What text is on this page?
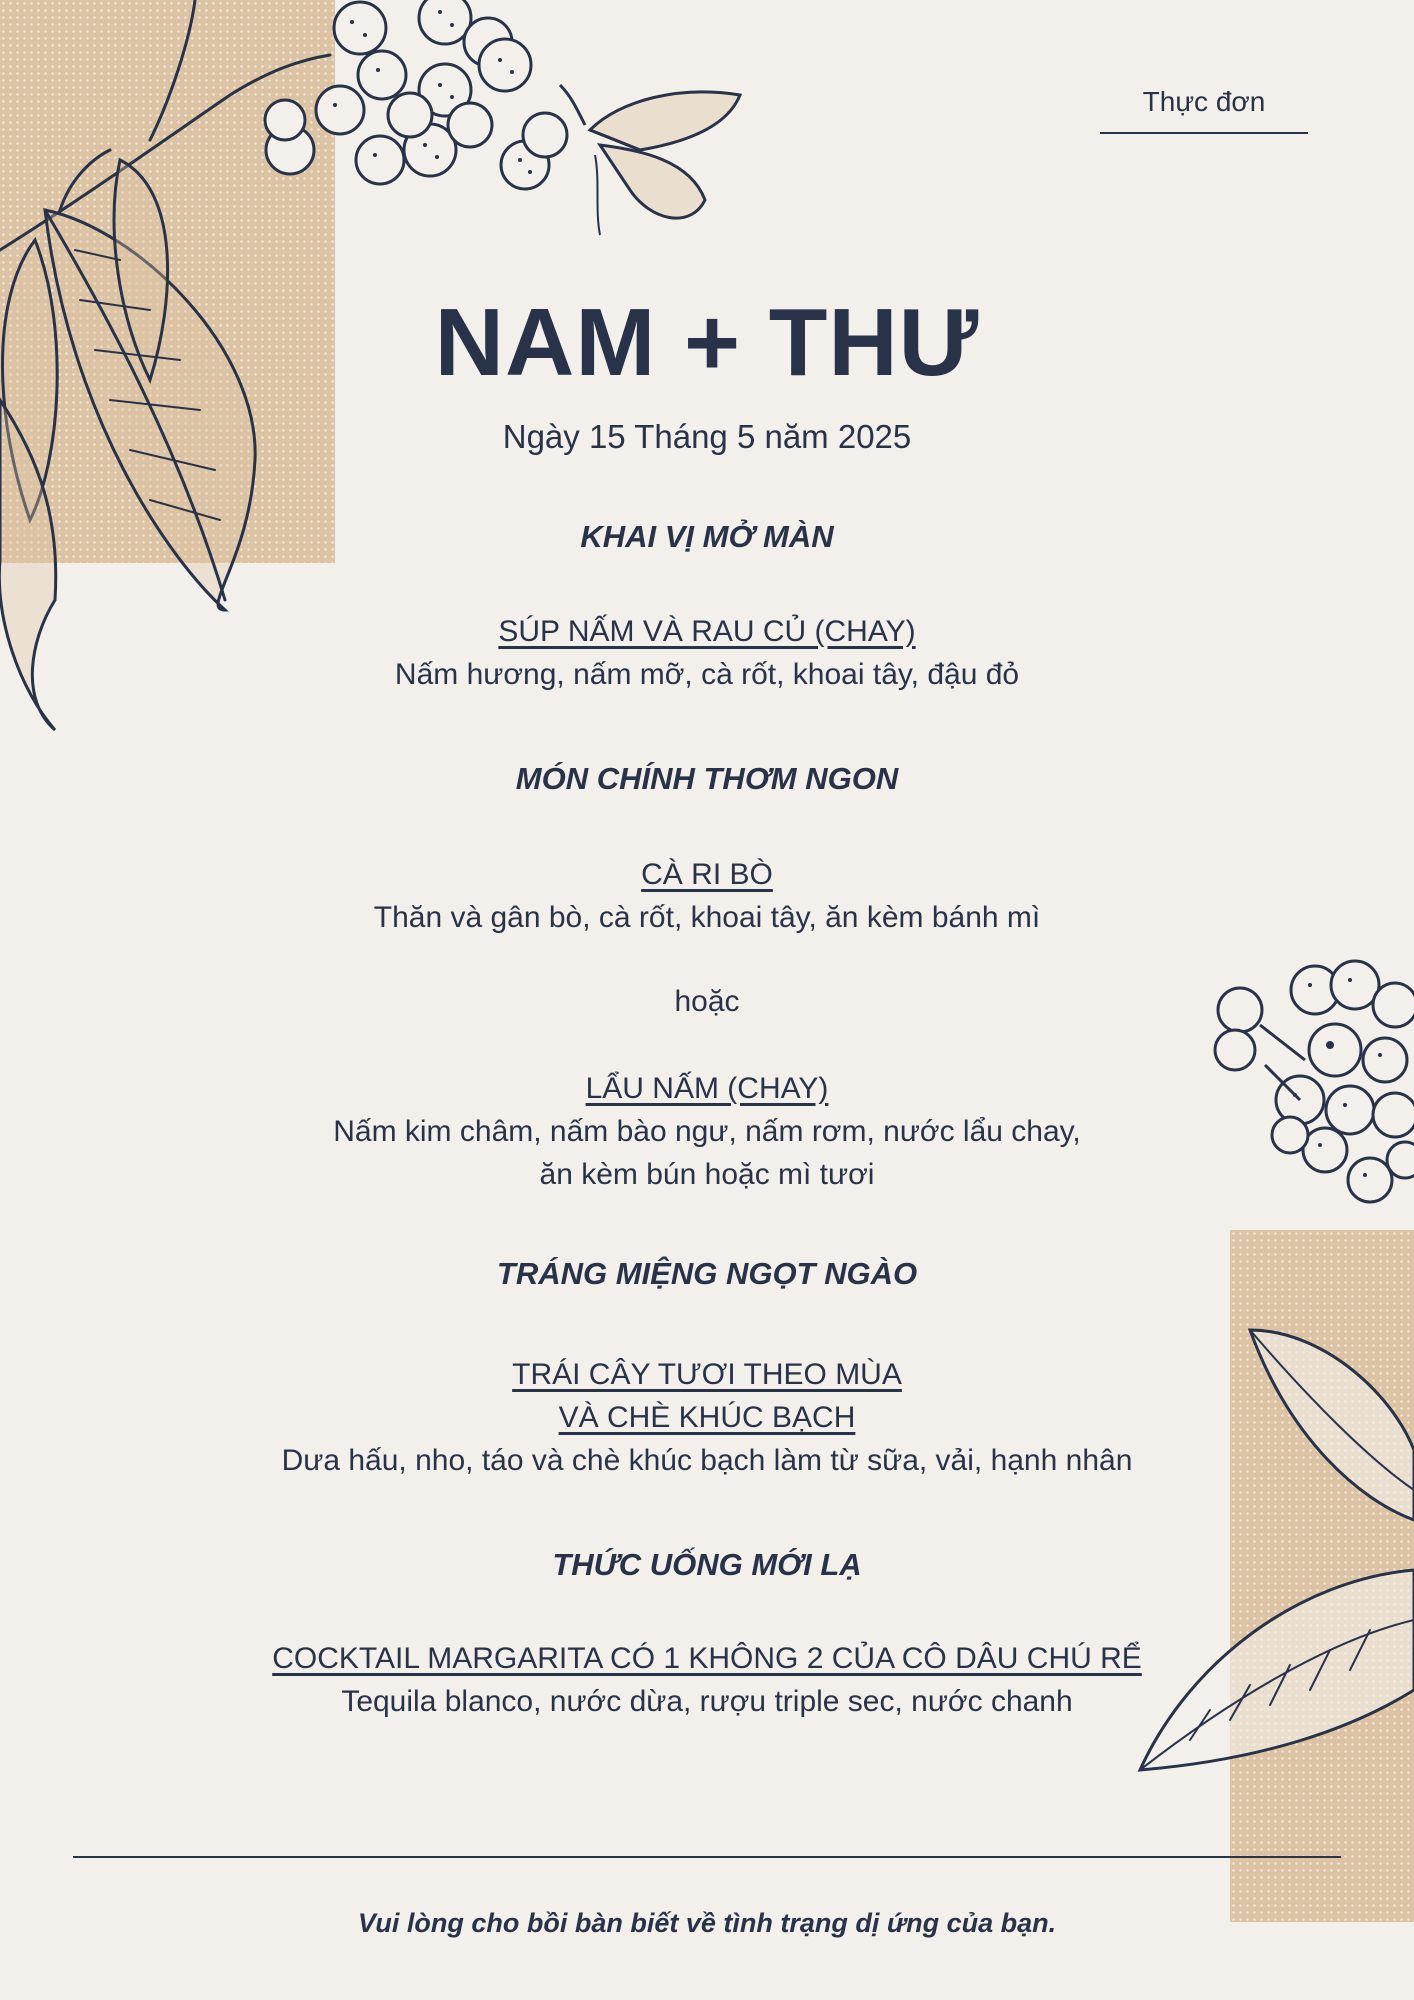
Thực đơn
NAM + THƯ
Ngày 15 Tháng 5 năm 2025
KHAI VỊ MỞ MÀN
SÚP NẤM VÀ RAU CỦ (CHAY)
Nấm hương, nấm mỡ, cà rốt, khoai tây, đậu đỏ
MÓN CHÍNH THƠM NGON
CÀ RI BÒ
Thăn và gân bò, cà rốt, khoai tây, ăn kèm bánh mì
hoặc
LẨU NẤM (CHAY)
Nấm kim châm, nấm bào ngư, nấm rơm, nước lẩu chay,
ăn kèm bún hoặc mì tươi
TRÁNG MIỆNG NGỌT NGÀO
TRÁI CÂY TƯƠI THEO MÙA
VÀ CHÈ KHÚC BẠCH
Dưa hấu, nho, táo và chè khúc bạch làm từ sữa, vải, hạnh nhân
THỨC UỐNG MỚI LẠ
COCKTAIL MARGARITA CÓ 1 KHÔNG 2 CỦA CÔ DÂU CHÚ RỂ
Tequila blanco, nước dừa, rượu triple sec, nước chanh
Vui lòng cho bồi bàn biết về tình trạng dị ứng của bạn.
